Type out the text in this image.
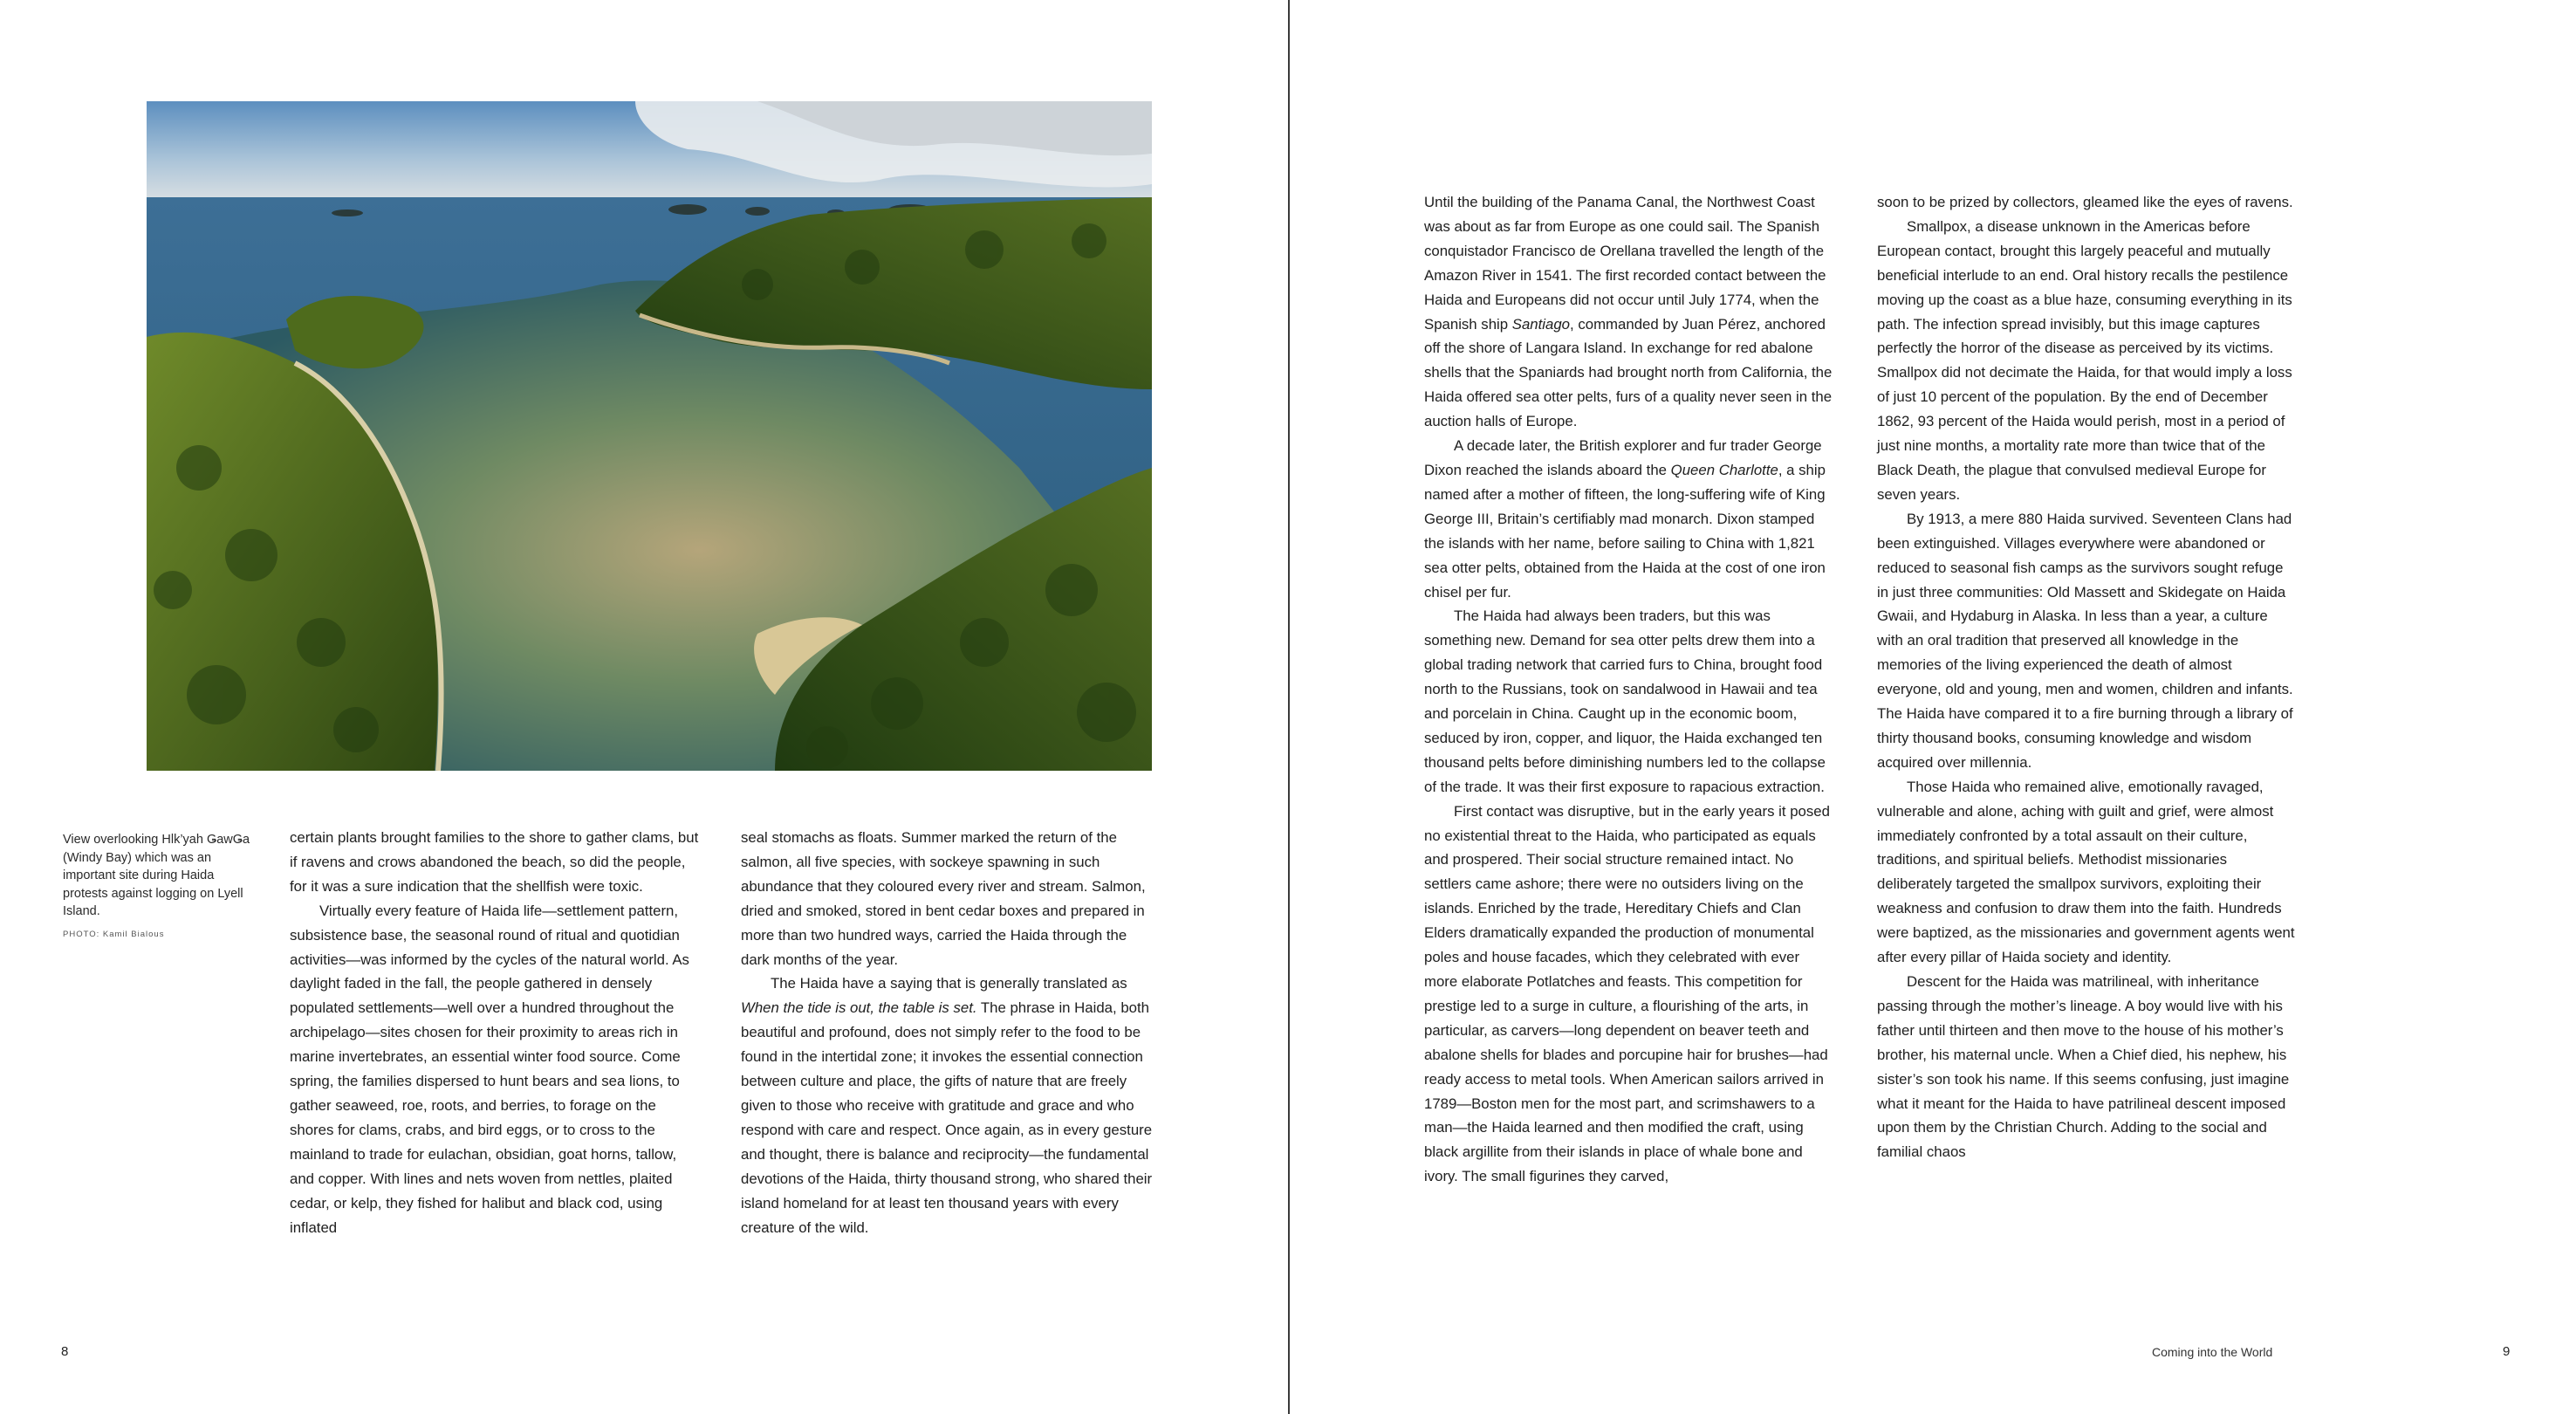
View overlooking Hlk’yah ǤawǤa (Windy Bay) which was an important site during Haida protests against logging on Lyell Island.
PHOTO: Kamil Bialous

certain plants brought families to the shore to gather clams, but if ravens and crows abandoned the beach, so did the people, for it was a sure indication that the shellfish were toxic.

Virtually every feature of Haida life—settlement pattern, subsistence base, the seasonal round of ritual and quotidian activities—was informed by the cycles of the natural world. As daylight faded in the fall, the people gathered in densely populated settlements—well over a hundred throughout the archipelago—sites chosen for their proximity to areas rich in marine invertebrates, an essential winter food source. Come spring, the families dispersed to hunt bears and sea lions, to gather seaweed, roe, roots, and berries, to forage on the shores for clams, crabs, and bird eggs, or to cross to the mainland to trade for eulachan, obsidian, goat horns, tallow, and copper. With lines and nets woven from nettles, plaited cedar, or kelp, they fished for halibut and black cod, using inflated

seal stomachs as floats. Summer marked the return of the salmon, all five species, with sockeye spawning in such abundance that they coloured every river and stream. Salmon, dried and smoked, stored in bent cedar boxes and prepared in more than two hundred ways, carried the Haida through the dark months of the year.

The Haida have a saying that is generally translated as When the tide is out, the table is set. The phrase in Haida, both beautiful and profound, does not simply refer to the food to be found in the intertidal zone; it invokes the essential connection between culture and place, the gifts of nature that are freely given to those who receive with gratitude and grace and who respond with care and respect. Once again, as in every gesture and thought, there is balance and reciprocity—the fundamental devotions of the Haida, thirty thousand strong, who shared their island homeland for at least ten thousand years with every creature of the wild.

8

Until the building of the Panama Canal, the Northwest Coast was about as far from Europe as one could sail. The Spanish conquistador Francisco de Orellana travelled the length of the Amazon River in 1541. The first recorded contact between the Haida and Europeans did not occur until July 1774, when the Spanish ship Santiago, commanded by Juan Pérez, anchored off the shore of Langara Island. In exchange for red abalone shells that the Spaniards had brought north from California, the Haida offered sea otter pelts, furs of a quality never seen in the auction halls of Europe.

A decade later, the British explorer and fur trader George Dixon reached the islands aboard the Queen Charlotte, a ship named after a mother of fifteen, the long-suffering wife of King George III, Britain’s certifiably mad monarch. Dixon stamped the islands with her name, before sailing to China with 1,821 sea otter pelts, obtained from the Haida at the cost of one iron chisel per fur.

The Haida had always been traders, but this was something new. Demand for sea otter pelts drew them into a global trading network that carried furs to China, brought food north to the Russians, took on sandalwood in Hawaii and tea and porcelain in China. Caught up in the economic boom, seduced by iron, copper, and liquor, the Haida exchanged ten thousand pelts before diminishing numbers led to the collapse of the trade. It was their first exposure to rapacious extraction.

First contact was disruptive, but in the early years it posed no existential threat to the Haida, who participated as equals and prospered. Their social structure remained intact. No settlers came ashore; there were no outsiders living on the islands. Enriched by the trade, Hereditary Chiefs and Clan Elders dramatically expanded the production of monumental poles and house facades, which they celebrated with ever more elaborate Potlatches and feasts. This competition for prestige led to a surge in culture, a flourishing of the arts, in particular, as carvers—long dependent on beaver teeth and abalone shells for blades and porcupine hair for brushes—had ready access to metal tools. When American sailors arrived in 1789—Boston men for the most part, and scrimshawers to a man—the Haida learned and then modified the craft, using black argillite from their islands in place of whale bone and ivory. The small figurines they carved,

soon to be prized by collectors, gleamed like the eyes of ravens.

Smallpox, a disease unknown in the Americas before European contact, brought this largely peaceful and mutually beneficial interlude to an end. Oral history recalls the pestilence moving up the coast as a blue haze, consuming everything in its path. The infection spread invisibly, but this image captures perfectly the horror of the disease as perceived by its victims. Smallpox did not decimate the Haida, for that would imply a loss of just 10 percent of the population. By the end of December 1862, 93 percent of the Haida would perish, most in a period of just nine months, a mortality rate more than twice that of the Black Death, the plague that convulsed medieval Europe for seven years.

By 1913, a mere 880 Haida survived. Seventeen Clans had been extinguished. Villages everywhere were abandoned or reduced to seasonal fish camps as the survivors sought refuge in just three communities: Old Massett and Skidegate on Haida Gwaii, and Hydaburg in Alaska. In less than a year, a culture with an oral tradition that preserved all knowledge in the memories of the living experienced the death of almost everyone, old and young, men and women, children and infants. The Haida have compared it to a fire burning through a library of thirty thousand books, consuming knowledge and wisdom acquired over millennia.

Those Haida who remained alive, emotionally ravaged, vulnerable and alone, aching with guilt and grief, were almost immediately confronted by a total assault on their culture, traditions, and spiritual beliefs. Methodist missionaries deliberately targeted the smallpox survivors, exploiting their weakness and confusion to draw them into the faith. Hundreds were baptized, as the missionaries and government agents went after every pillar of Haida society and identity.

Descent for the Haida was matrilineal, with inheritance passing through the mother’s lineage. A boy would live with his father until thirteen and then move to the house of his mother’s brother, his maternal uncle. When a Chief died, his nephew, his sister’s son took his name. If this seems confusing, just imagine what it meant for the Haida to have patrilineal descent imposed upon them by the Christian Church. Adding to the social and familial chaos

Coming into the World	9
